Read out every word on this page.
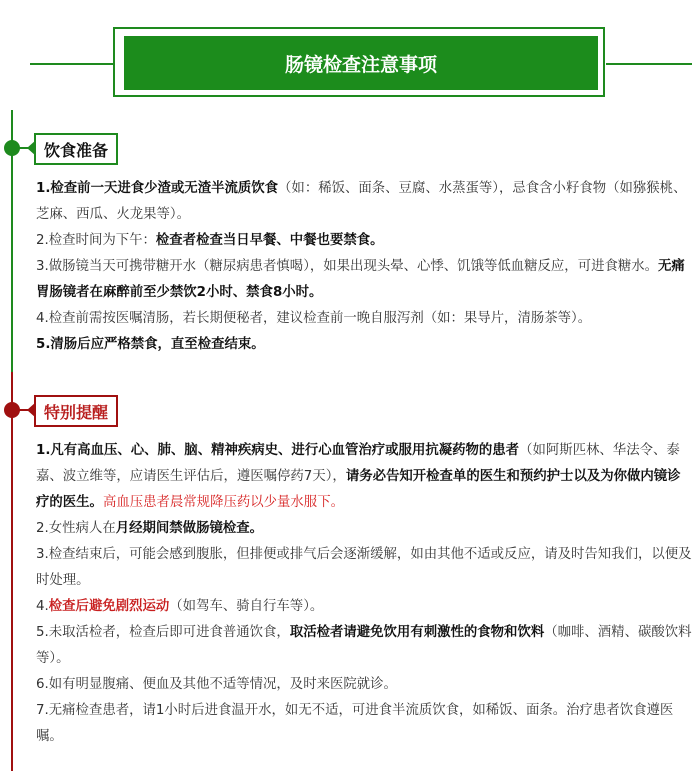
肠镜检查注意事项
饮食准备

1.检查前一天进食少渣或无渣半流质饮食（如：稀饭、面条、豆腐、水蒸蛋等），忌食含小籽食物（如猕猴桃、芝麻、西瓜、火龙果等）。

2.检查时间为下午：检查者检查当日早餐、中餐也要禁食。

3.做肠镜当天可携带糖开水（糖尿病患者慎喝），如果出现头晕、心悸、饥饿等低血糖反应，可进食糖水。无痛胃肠镜者在麻醉前至少禁饮2小时、禁食8小时。

4.检查前需按医嘱清肠，若长期便秘者，建议检查前一晚自服泻剂（如：果导片，清肠茶等）。

5.清肠后应严格禁食，直至检查结束。

特别提醒

1.凡有高血压、心、肺、脑、精神疾病史、进行心血管治疗或服用抗凝药物的患者（如阿斯匹林、华法令、泰嘉、波立维等，应请医生评估后，遵医嘱停药7天），请务必告知开检查单的医生和预约护士以及为你做内镜诊疗的医生。高血压患者晨常规降压药以少量水服下。

2.女性病人在月经期间禁做肠镜检查。

3.检查结束后，可能会感到腹胀，但排便或排气后会逐渐缓解，如由其他不适或反应，请及时告知我们，以便及时处理。

4.检查后避免剧烈运动（如驾车、骑自行车等）。

5.未取活检者，检查后即可进食普通饮食，取活检者请避免饮用有刺激性的食物和饮料（咖啡、酒精、碳酸饮料等）。

6.如有明显腹痛、便血及其他不适等情况，及时来医院就诊。

7.无痛检查患者，请1小时后进食温开水，如无不适，可进食半流质饮食，如稀饭、面条。治疗患者饮食遵医嘱。
